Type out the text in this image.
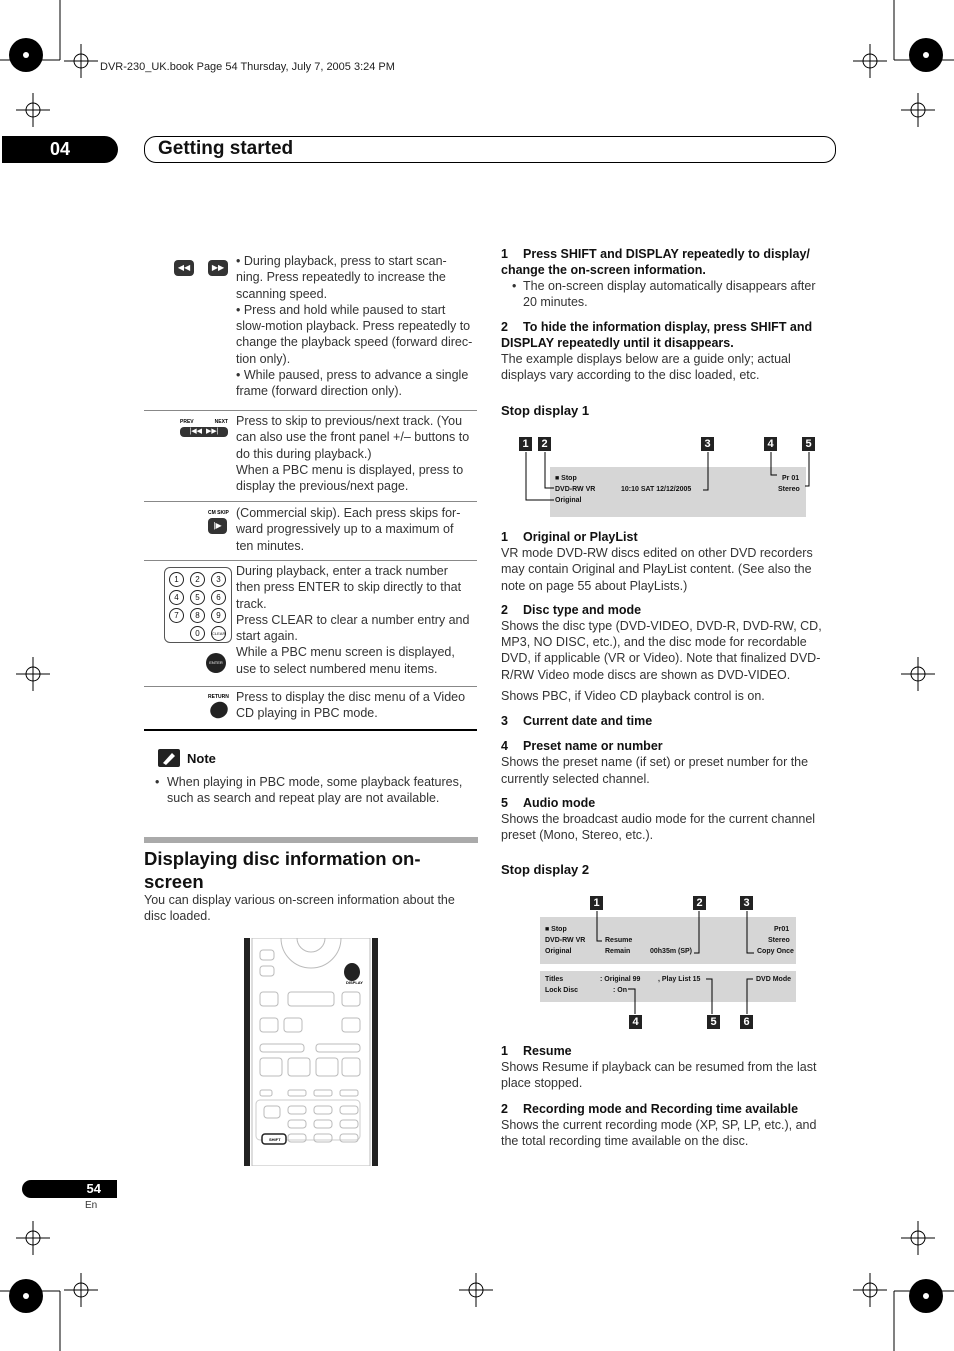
DVR-230_UK.book Page 54 Thursday, July 7, 2005 3:24 PM
04	Getting started
◀◀	▶▶ • During playback, press to start scan-
ning. Press repeatedly to increase the
scanning speed.
• Press and hold while paused to start
slow-motion playback. Press repeatedly to
change the playback speed (forward direc-
tion only).
• While paused, press to advance a single
frame (forward direction only).
PREV	NEXT
|◀◀  ▶▶|
Press to skip to previous/next track. (You
can also use the front panel +/– buttons to
do this during playback.)
When a PBC menu is displayed, press to
display the previous/next page.
CM SKIP
|▶
(Commercial skip). Each press skips for-
ward progressively up to a maximum of
ten minutes.
1	2	3
4	5	6
7	8	9
0	CLEAR
ENTER
During playback, enter a track number
then press ENTER to skip directly to that
track.
Press CLEAR to clear a number entry and
start again.
While a PBC menu screen is displayed,
use to select numbered menu items.
RETURN Press to display the disc menu of a Video
CD playing in PBC mode.
Note
• When playing in PBC mode, some playback features,
such as search and repeat play are not available.
Displaying disc information on-
screen
You can display various on-screen information about the
disc loaded.
DISPLAY
SHIFT
1 Press SHIFT and DISPLAY repeatedly to display/
change the on-screen information.
• The on-screen display automatically disappears after
20 minutes.
2 To hide the information display, press SHIFT and
DISPLAY repeatedly until it disappears.
The example displays below are a guide only; actual
displays vary according to the disc loaded, etc.
Stop display 1
1	2	3	4	5
■ Stop
DVD-RW VR
Original
10:10 SAT 12/12/2005
Pr 01
Stereo
1 Original or PlayList
VR mode DVD-RW discs edited on other DVD recorders
may contain Original and PlayList content. (See also the
note on page 55 about PlayLists.)
2 Disc type and mode
Shows the disc type (DVD-VIDEO, DVD-R, DVD-RW, CD,
MP3, NO DISC, etc.), and the disc mode for recordable
DVD, if applicable (VR or Video). Note that finalized DVD-
R/RW Video mode discs are shown as DVD-VIDEO.
Shows PBC, if Video CD playback control is on.
3 Current date and time
4 Preset name or number
Shows the preset name (if set) or preset number for the
currently selected channel.
5 Audio mode
Shows the broadcast audio mode for the current channel
preset (Mono, Stereo, etc.).
Stop display 2
1	2	3
■ Stop
DVD-RW VR
Original
Resume
Remain	00h35m (SP)
Pr01
Stereo
Copy Once
Titles	: Original 99	, Play List 15	DVD Mode
Lock Disc	: On
4	5	6
1 Resume
Shows Resume if playback can be resumed from the last
place stopped.
2 Recording mode and Recording time available
Shows the current recording mode (XP, SP, LP, etc.), and
the total recording time available on the disc.
54
En
